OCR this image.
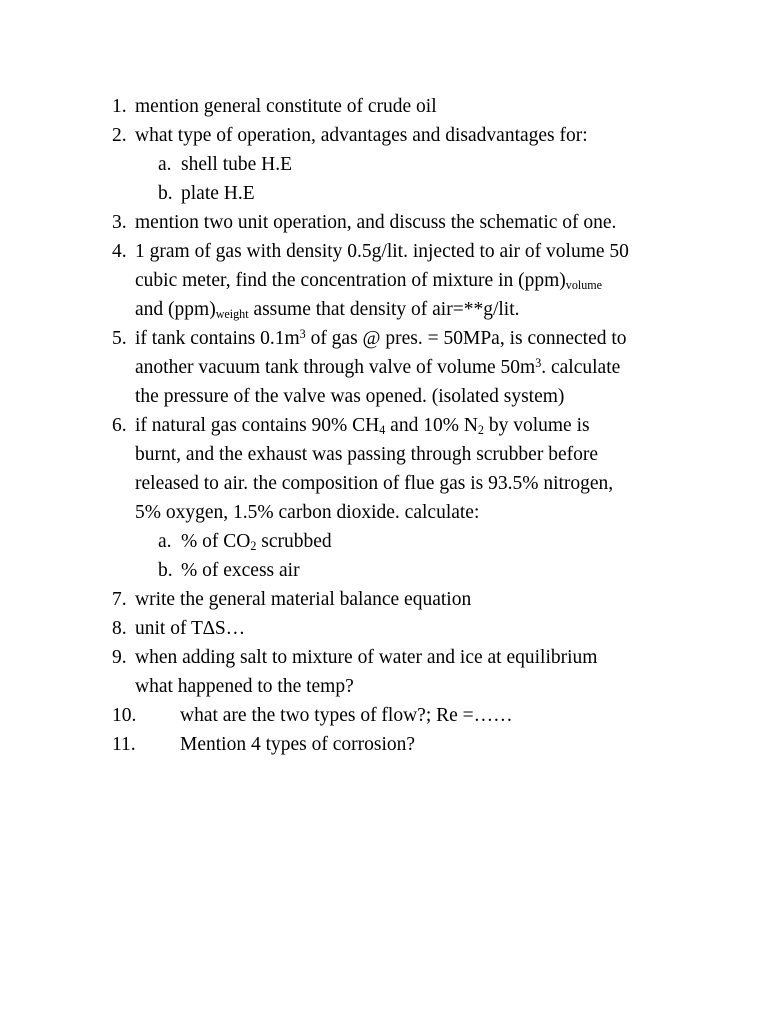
1. mention general constitute of crude oil
2. what type of operation, advantages and disadvantages for:
a. shell tube H.E
b. plate H.E
3. mention two unit operation, and discuss the schematic of one.
4. 1 gram of gas with density 0.5g/lit. injected to air of volume 50
cubic meter, find the concentration of mixture in $(ppm)_{volume}$
and $(ppm)_{weight}$ assume that density of air=**g/lit.
5. if tank contains $0.1m^3$ of gas @ pres. = 50MPa, is connected to
another vacuum tank through valve of volume $50m^3$. calculate
the pressure of the valve was opened. (isolated system)
6. if natural gas contains 90% $CH_4$ and 10% $N_2$ by volume is
burnt, and the exhaust was passing through scrubber before
released to air. the composition of flue gas is 93.5% nitrogen,
5% oxygen, 1.5% carbon dioxide. calculate:
a. % of $CO_2$ scrubbed
b. % of excess air
7. write the general material balance equation
8. unit of T∆S…
9. when adding salt to mixture of water and ice at equilibrium
what happened to the temp?
10. what are the two types of flow?; Re =……
11. Mention 4 types of corrosion?
